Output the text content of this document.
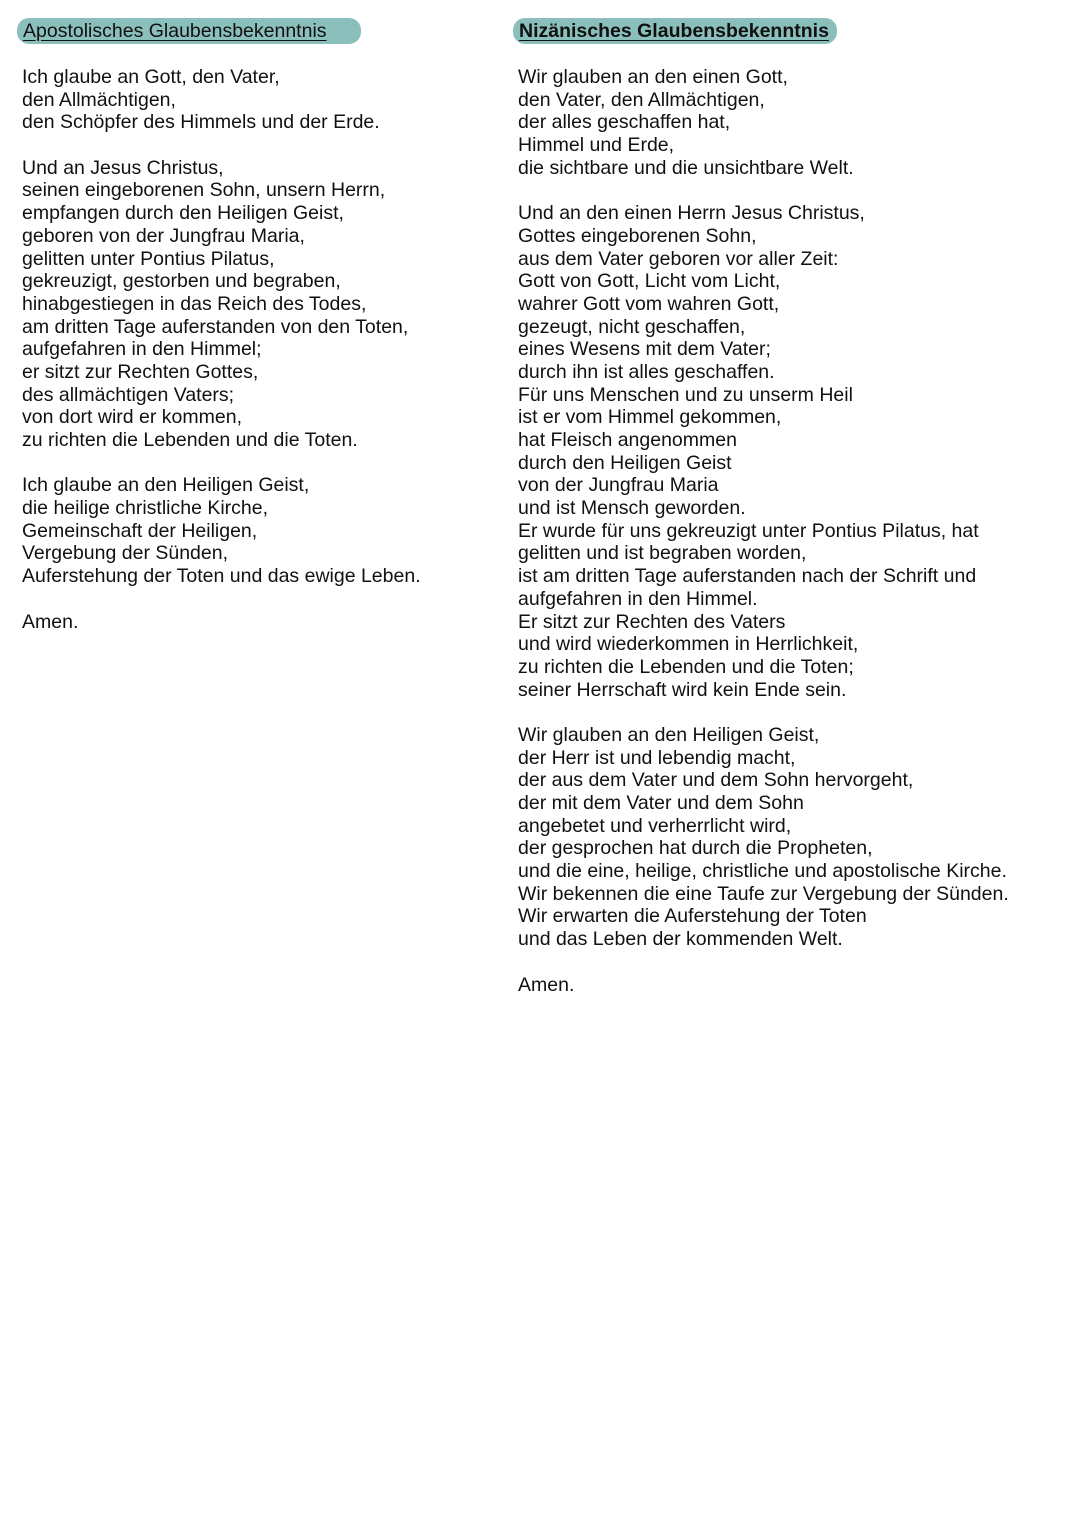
Apostolisches Glaubensbekenntnis
Ich glaube an Gott, den Vater,
den Allmächtigen,
den Schöpfer des Himmels und der Erde.
Und an Jesus Christus,
seinen eingeborenen Sohn, unsern Herrn,
empfangen durch den Heiligen Geist,
geboren von der Jungfrau Maria,
gelitten unter Pontius Pilatus,
gekreuzigt, gestorben und begraben,
hinabgestiegen in das Reich des Todes,
am dritten Tage auferstanden von den Toten,
aufgefahren in den Himmel;
er sitzt zur Rechten Gottes,
des allmächtigen Vaters;
von dort wird er kommen,
zu richten die Lebenden und die Toten.
Ich glaube an den Heiligen Geist,
die heilige christliche Kirche,
Gemeinschaft der Heiligen,
Vergebung der Sünden,
Auferstehung der Toten und das ewige Leben.
Amen.
Nizänisches Glaubensbekenntnis
Wir glauben an den einen Gott,
den Vater, den Allmächtigen,
der alles geschaffen hat,
Himmel und Erde,
die sichtbare und die unsichtbare Welt.
Und an den einen Herrn Jesus Christus,
Gottes eingeborenen Sohn,
aus dem Vater geboren vor aller Zeit:
Gott von Gott, Licht vom Licht,
wahrer Gott vom wahren Gott,
gezeugt, nicht geschaffen,
eines Wesens mit dem Vater;
durch ihn ist alles geschaffen.
Für uns Menschen und zu unserm Heil
ist er vom Himmel gekommen,
hat Fleisch angenommen
durch den Heiligen Geist
von der Jungfrau Maria
und ist Mensch geworden.
Er wurde für uns gekreuzigt unter Pontius Pilatus, hat
gelitten und ist begraben worden,
ist am dritten Tage auferstanden nach der Schrift und
aufgefahren in den Himmel.
Er sitzt zur Rechten des Vaters
und wird wiederkommen in Herrlichkeit,
zu richten die Lebenden und die Toten;
seiner Herrschaft wird kein Ende sein.
Wir glauben an den Heiligen Geist,
der Herr ist und lebendig macht,
der aus dem Vater und dem Sohn hervorgeht,
der mit dem Vater und dem Sohn
angebetet und verherrlicht wird,
der gesprochen hat durch die Propheten,
und die eine, heilige, christliche und apostolische Kirche.
Wir bekennen die eine Taufe zur Vergebung der Sünden.
Wir erwarten die Auferstehung der Toten
und das Leben der kommenden Welt.
Amen.
